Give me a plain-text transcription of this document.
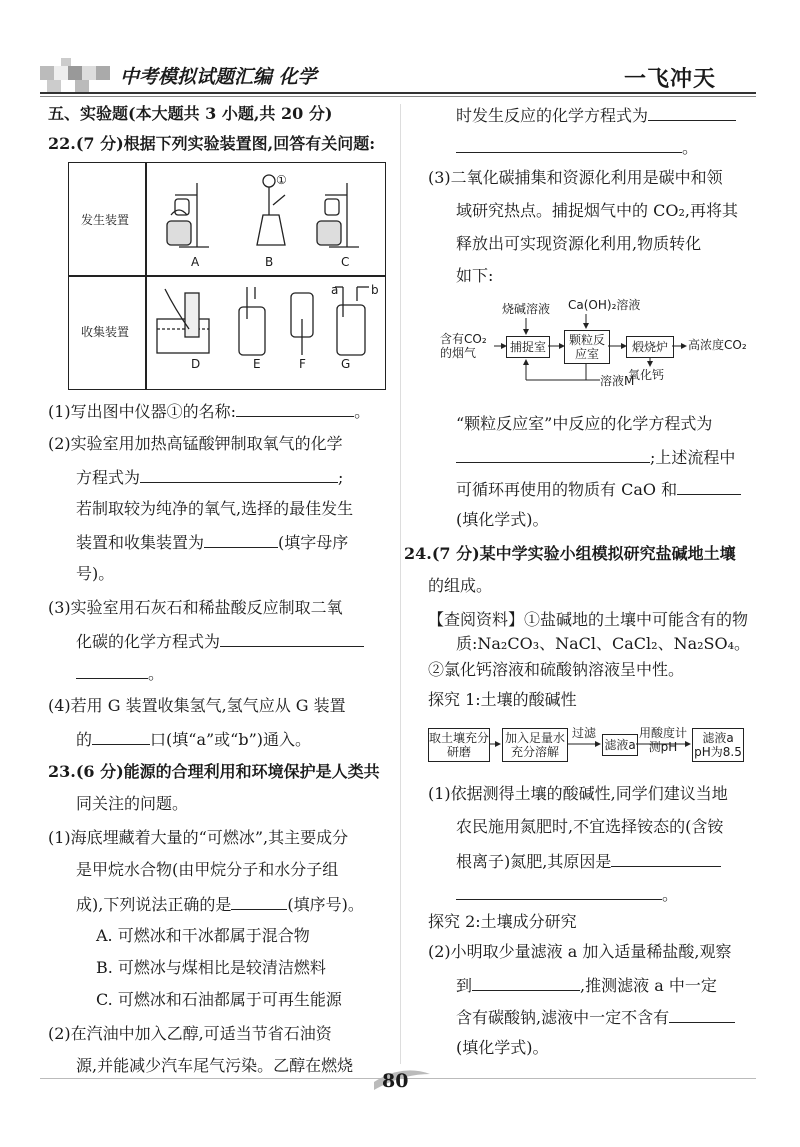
中考模拟试题汇编 化学	一飞冲天
五、实验题(本大题共 3 小题,共 20 分)
22.(7 分)根据下列实验装置图,回答有关问题:
发生装置
收集装置
①
A	B	C
a	b
D	E	F	G
(1)写出图中仪器①的名称:	。
(2)实验室用加热高锰酸钾制取氧气的化学
方程式为	;
若制取较为纯净的氧气,选择的最佳发生
装置和收集装置为	(填字母序
号)。
(3)实验室用石灰石和稀盐酸反应制取二氧
化碳的化学方程式为
。
(4)若用 G 装置收集氢气,氢气应从 G 装置
的	口(填“a”或“b”)通入。
23.(6 分)能源的合理利用和环境保护是人类共
同关注的问题。
(1)海底埋藏着大量的“可燃冰”,其主要成分
是甲烷水合物(由甲烷分子和水分子组
成),下列说法正确的是	(填序号)。
A. 可燃冰和干冰都属于混合物
B. 可燃冰与煤相比是较清洁燃料
C. 可燃冰和石油都属于可再生能源
(2)在汽油中加入乙醇,可适当节省石油资
源,并能减少汽车尾气污染。乙醇在燃烧
时发生反应的化学方程式为
。
(3)二氧化碳捕集和资源化利用是碳中和领
域研究热点。捕捉烟气中的 CO₂,再将其
释放出可实现资源化利用,物质转化
如下:
含有CO₂的烟气
烧碱溶液 Ca(OH)₂溶液
捕捉室	颗粒反应室	煅烧炉	高浓度CO₂
溶液M
氧化钙
“颗粒反应室”中反应的化学方程式为
;上述流程中
可循环再使用的物质有 CaO 和
(填化学式)。
24.(7 分)某中学实验小组模拟研究盐碱地土壤
的组成。
【查阅资料】①盐碱地的土壤中可能含有的物
质:Na₂CO₃、NaCl、CaCl₂、Na₂SO₄。
②氯化钙溶液和硫酸钠溶液呈中性。
探究 1:土壤的酸碱性
取土壤充分研磨
加入足量水充分溶解
过滤
滤液a
用酸度计测pH
滤液a pH为8.5
(1)依据测得土壤的酸碱性,同学们建议当地
农民施用氮肥时,不宜选择铵态的(含铵
根离子)氮肥,其原因是
。
探究 2:土壤成分研究
(2)小明取少量滤液 a 加入适量稀盐酸,观察
到	,推测滤液 a 中一定
含有碳酸钠,滤液中一定不含有
(填化学式)。
80
